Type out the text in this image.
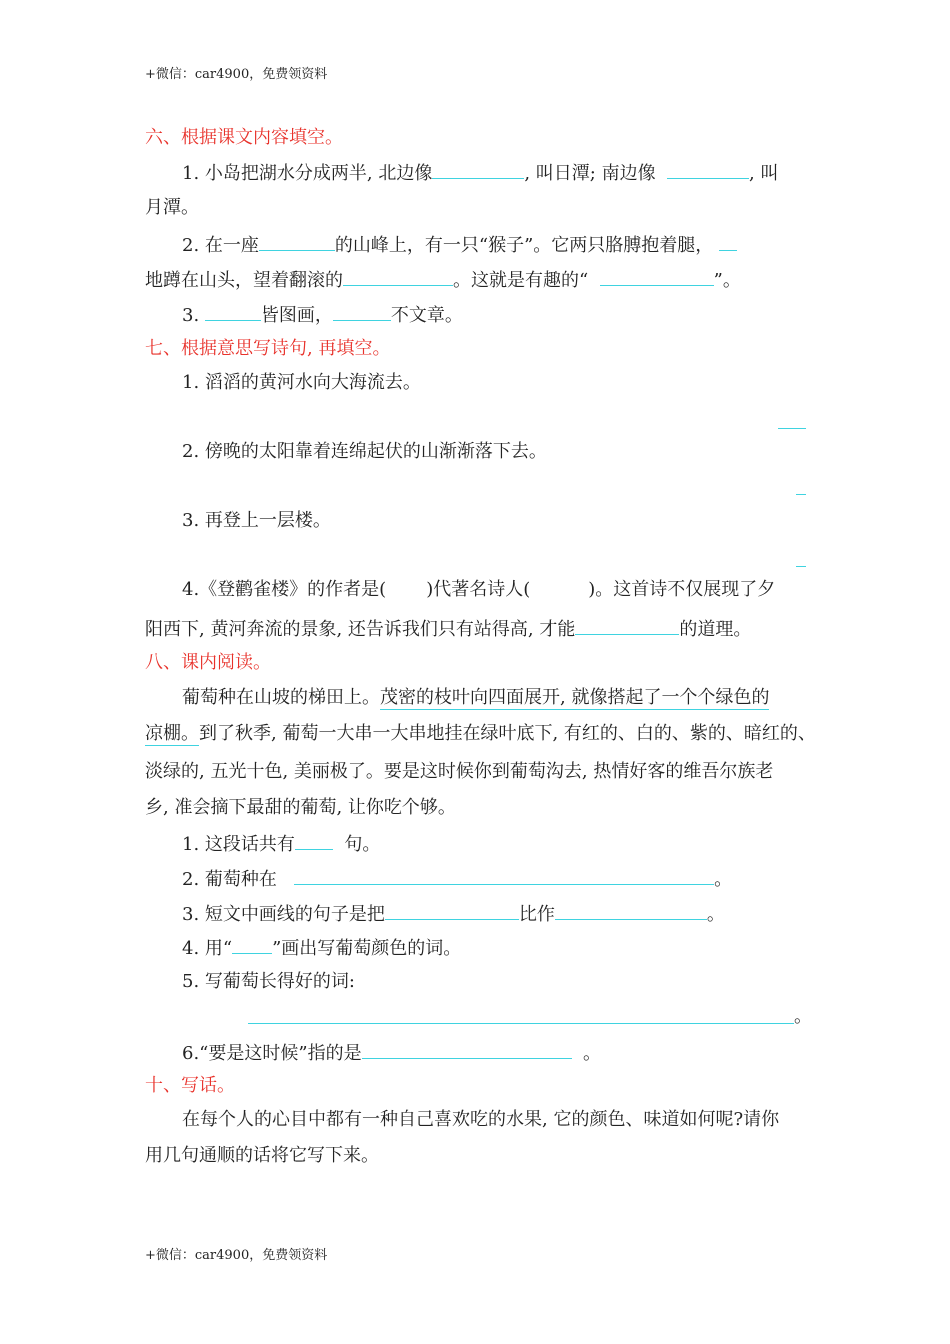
+微信：car4900，免费领资料
+微信：car4900，免费领资料
六、根据课文内容填空。
1. 小岛把湖水分成两半, 北边像	, 叫日潭; 南边像	, 叫
月潭。
2. 在一座	的山峰上，有一只“猴子”。它两只胳膊抱着腿，
地蹲在山头，望着翻滚的	。这就是有趣的“	”。
3.	皆图画，	不文章。
七、根据意思写诗句, 再填空。
1. 滔滔的黄河水向大海流去。
2. 傍晚的太阳靠着连绵起伏的山渐渐落下去。
3. 再登上一层楼。
4.《登鹳雀楼》的作者是( )代著名诗人(	)。这首诗不仅展现了夕
阳西下, 黄河奔流的景象, 还告诉我们只有站得高, 才能	的道理。
八、课内阅读。
葡萄种在山坡的梯田上。茂密的枝叶向四面展开, 就像搭起了一个个绿色的
凉棚。到了秋季, 葡萄一大串一大串地挂在绿叶底下, 有红的、白的、紫的、暗红的、
淡绿的, 五光十色, 美丽极了。要是这时候你到葡萄沟去, 热情好客的维吾尔族老
乡, 准会摘下最甜的葡萄, 让你吃个够。
1. 这段话共有	句。
2. 葡萄种在	。
3. 短文中画线的句子是把	比作	。
4. 用“ ”画出写葡萄颜色的词。
5. 写葡萄长得好的词:
。
6.“要是这时候”指的是	。
十、写话。
在每个人的心目中都有一种自己喜欢吃的水果, 它的颜色、味道如何呢?请你
用几句通顺的话将它写下来。
